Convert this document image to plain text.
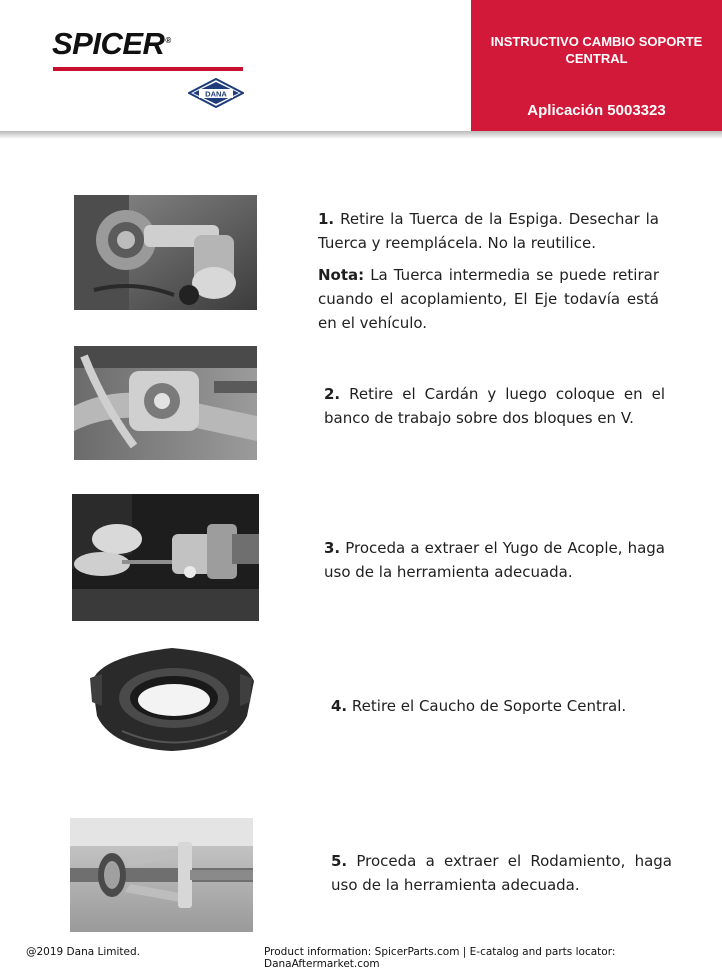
SPICER®
DANA
INSTRUCTIVO CAMBIO SOPORTE CENTRAL
Aplicación 5003323
1. Retire la Tuerca de la Espiga. Desechar la Tuerca y reemplácela. No la reutilice.
Nota: La Tuerca intermedia se puede retirar cuando el acoplamiento, El Eje todavía está en el vehículo.
2. Retire el Cardán y luego coloque en el banco de trabajo sobre dos bloques en V.
3. Proceda a extraer el Yugo de Acople, haga uso de la herramienta adecuada.
4. Retire el Caucho de Soporte Central.
5. Proceda a extraer el Rodamiento, haga uso de la herramienta adecuada.
@2019 Dana Limited.	Product information: SpicerParts.com | E-catalog and parts locator: DanaAftermarket.com
